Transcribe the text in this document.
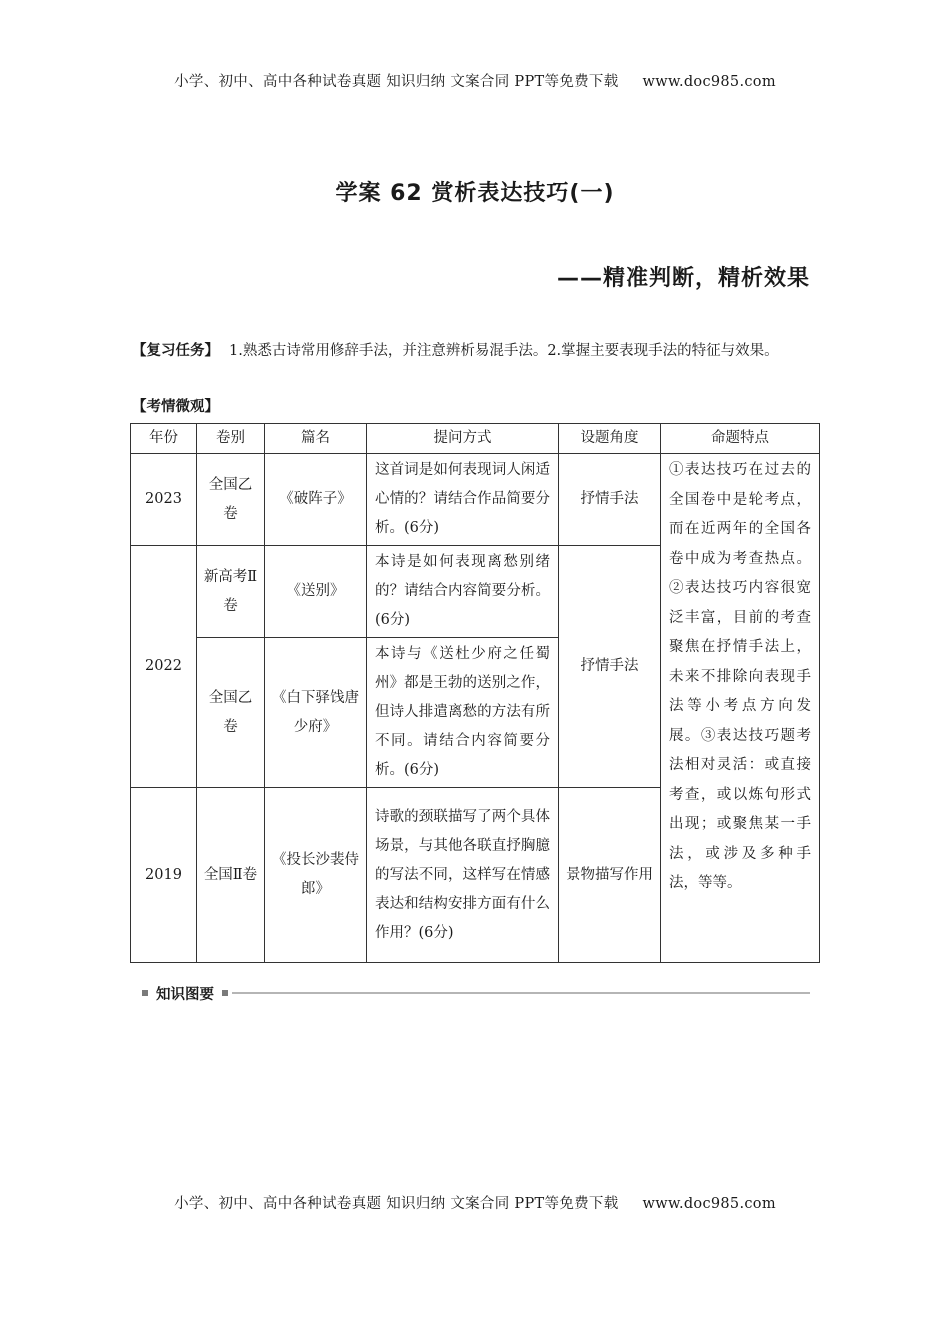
小学、初中、高中各种试卷真题 知识归纳 文案合同 PPT等免费下载 www.doc985.com
学案 62 赏析表达技巧(一)
——精准判断，精析效果
【复习任务】 1.熟悉古诗常用修辞手法，并注意辨析易混手法。2.掌握主要表现手法的特征与效果。
【考情微观】
年份	卷别	篇名	提问方式	设题角度	命题特点
2023	全国乙卷	《破阵子》	这首词是如何表现词人闲适心情的？请结合作品简要分析。(6分)	抒情手法	①表达技巧在过去的全国卷中是轮考点，而在近两年的全国各卷中成为考查热点。②表达技巧内容很宽泛丰富，目前的考查聚焦在抒情手法上，未来不排除向表现手法等小考点方向发展。③表达技巧题考法相对灵活：或直接考查，或以炼句形式出现；或聚焦某一手法，或涉及多种手法，等等。
2022	新高考Ⅱ卷	《送别》	本诗是如何表现离愁别绪的？请结合内容简要分析。(6分)	抒情手法	
	全国乙卷	《白下驿饯唐少府》	本诗与《送杜少府之任蜀州》都是王勃的送别之作，但诗人排遣离愁的方法有所不同。请结合内容简要分析。(6分)		
2019	全国Ⅱ卷	《投长沙裴侍郎》	诗歌的颈联描写了两个具体场景，与其他各联直抒胸臆的写法不同，这样写在情感表达和结构安排方面有什么作用？(6分)	景物描写作用	
知识图要
小学、初中、高中各种试卷真题 知识归纳 文案合同 PPT等免费下载 www.doc985.com
